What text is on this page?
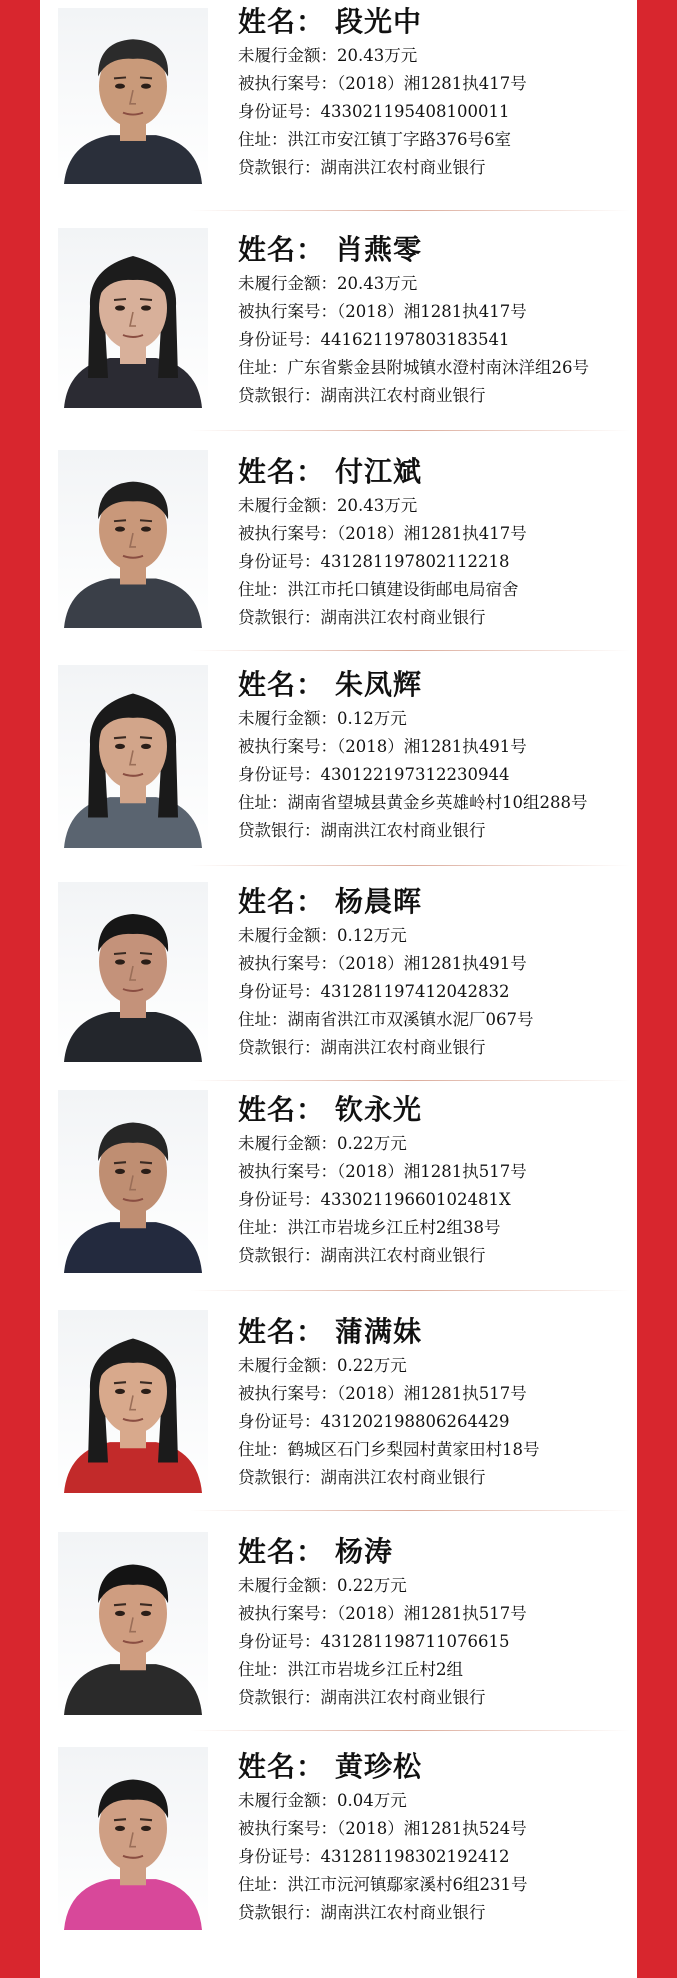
姓名： 段光中
未履行金额：20.43万元
被执行案号：（2018）湘1281执417号
身份证号：433021195408100011
住址：洪江市安江镇丁字路376号6室
贷款银行：湖南洪江农村商业银行
姓名： 肖燕零
未履行金额：20.43万元
被执行案号：（2018）湘1281执417号
身份证号：441621197803183541
住址：广东省紫金县附城镇水澄村南沐洋组26号
贷款银行：湖南洪江农村商业银行
姓名： 付江斌
未履行金额：20.43万元
被执行案号：（2018）湘1281执417号
身份证号：431281197802112218
住址：洪江市托口镇建设街邮电局宿舍
贷款银行：湖南洪江农村商业银行
姓名： 朱凤辉
未履行金额：0.12万元
被执行案号：（2018）湘1281执491号
身份证号：430122197312230944
住址：湖南省望城县黄金乡英雄岭村10组288号
贷款银行：湖南洪江农村商业银行
姓名： 杨晨晖
未履行金额：0.12万元
被执行案号：（2018）湘1281执491号
身份证号：431281197412042832
住址：湖南省洪江市双溪镇水泥厂067号
贷款银行：湖南洪江农村商业银行
姓名： 钦永光
未履行金额：0.22万元
被执行案号：（2018）湘1281执517号
身份证号：43302119660102481X
住址：洪江市岩垅乡江丘村2组38号
贷款银行：湖南洪江农村商业银行
姓名： 蒲满妹
未履行金额：0.22万元
被执行案号：（2018）湘1281执517号
身份证号：431202198806264429
住址：鹤城区石门乡梨园村黄家田村18号
贷款银行：湖南洪江农村商业银行
姓名： 杨涛
未履行金额：0.22万元
被执行案号：（2018）湘1281执517号
身份证号：431281198711076615
住址：洪江市岩垅乡江丘村2组
贷款银行：湖南洪江农村商业银行
姓名： 黄珍松
未履行金额：0.04万元
被执行案号：（2018）湘1281执524号
身份证号：431281198302192412
住址：洪江市沅河镇鄢家溪村6组231号
贷款银行：湖南洪江农村商业银行
